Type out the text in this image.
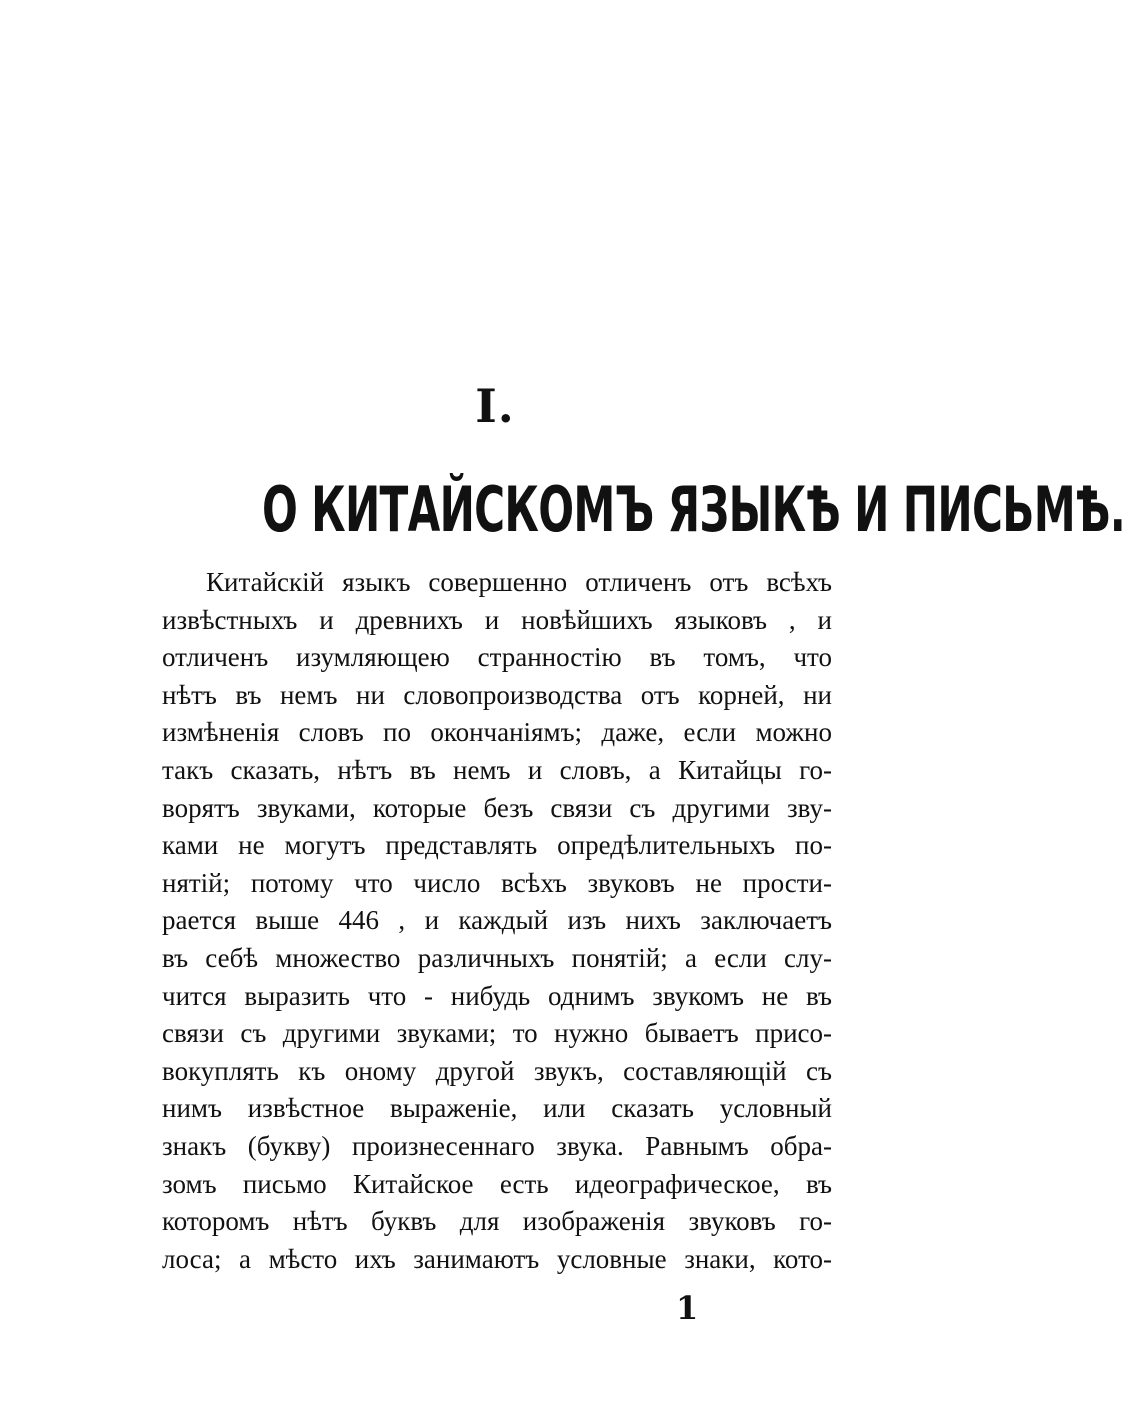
I.
О КИТАЙСКОМЪ ЯЗЫКѢ И ПИСЬМѢ.
Китайскiй языкъ совершенно отличенъ отъ всѣхъ
извѣстныхъ и древнихъ и новѣйшихъ языковъ , и
отличенъ изумляющею странностiю въ томъ, что
нѣтъ въ немъ ни словопроизводства отъ корней, ни
измѣненiя словъ по окончанiямъ; даже, если можно
такъ сказать, нѣтъ въ немъ и словъ, а Китайцы го-
ворятъ звуками, которые безъ связи съ другими зву-
ками не могутъ представлять опредѣлительныхъ по-
нятiй; потому что число всѣхъ звуковъ не прости-
рается выше 446 , и каждый изъ нихъ заключаетъ
въ себѣ множество различныхъ понятiй; а если слу-
чится выразить что - нибудь однимъ звукомъ не въ
связи съ другими звуками; то нужно бываетъ присо-
вокуплять къ оному другой звукъ, составляющiй съ
нимъ извѣстное выраженiе, или сказать условный
знакъ (букву) произнесеннаго звука. Равнымъ обра-
зомъ письмо Китайское есть идеографическое, въ
которомъ нѣтъ буквъ для изображенiя звуковъ го-
лоса; а мѣсто ихъ занимаютъ условные знаки, кото-
1
